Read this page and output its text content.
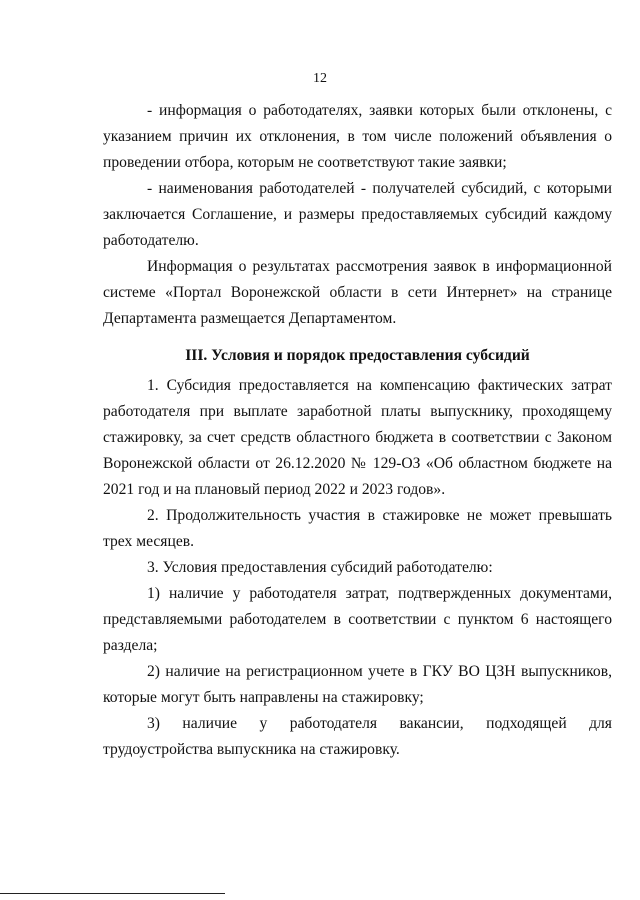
12

- информация о работодателях, заявки которых были отклонены, с указанием причин их отклонения, в том числе положений объявления о проведении отбора, которым не соответствуют такие заявки;

- наименования работодателей - получателей субсидий, с которыми заключается Соглашение, и размеры предоставляемых субсидий каждому работодателю.

Информация о результатах рассмотрения заявок в информационной системе «Портал Воронежской области в сети Интернет» на странице Департамента размещается Департаментом.

III. Условия и порядок предоставления субсидий

1. Субсидия предоставляется на компенсацию фактических затрат работодателя при выплате заработной платы выпускнику, проходящему стажировку, за счет средств областного бюджета в соответствии с Законом Воронежской области от 26.12.2020 № 129-ОЗ «Об областном бюджете на 2021 год и на плановый период 2022 и 2023 годов».

2. Продолжительность участия в стажировке не может превышать трех месяцев.

3. Условия предоставления субсидий работодателю:

1) наличие у работодателя затрат, подтвержденных документами, представляемыми работодателем в соответствии с пунктом 6 настоящего раздела;

2) наличие на регистрационном учете в ГКУ ВО ЦЗН выпускников, которые могут быть направлены на стажировку;

3) наличие у работодателя вакансии, подходящей для трудоустройства выпускника на стажировку.
